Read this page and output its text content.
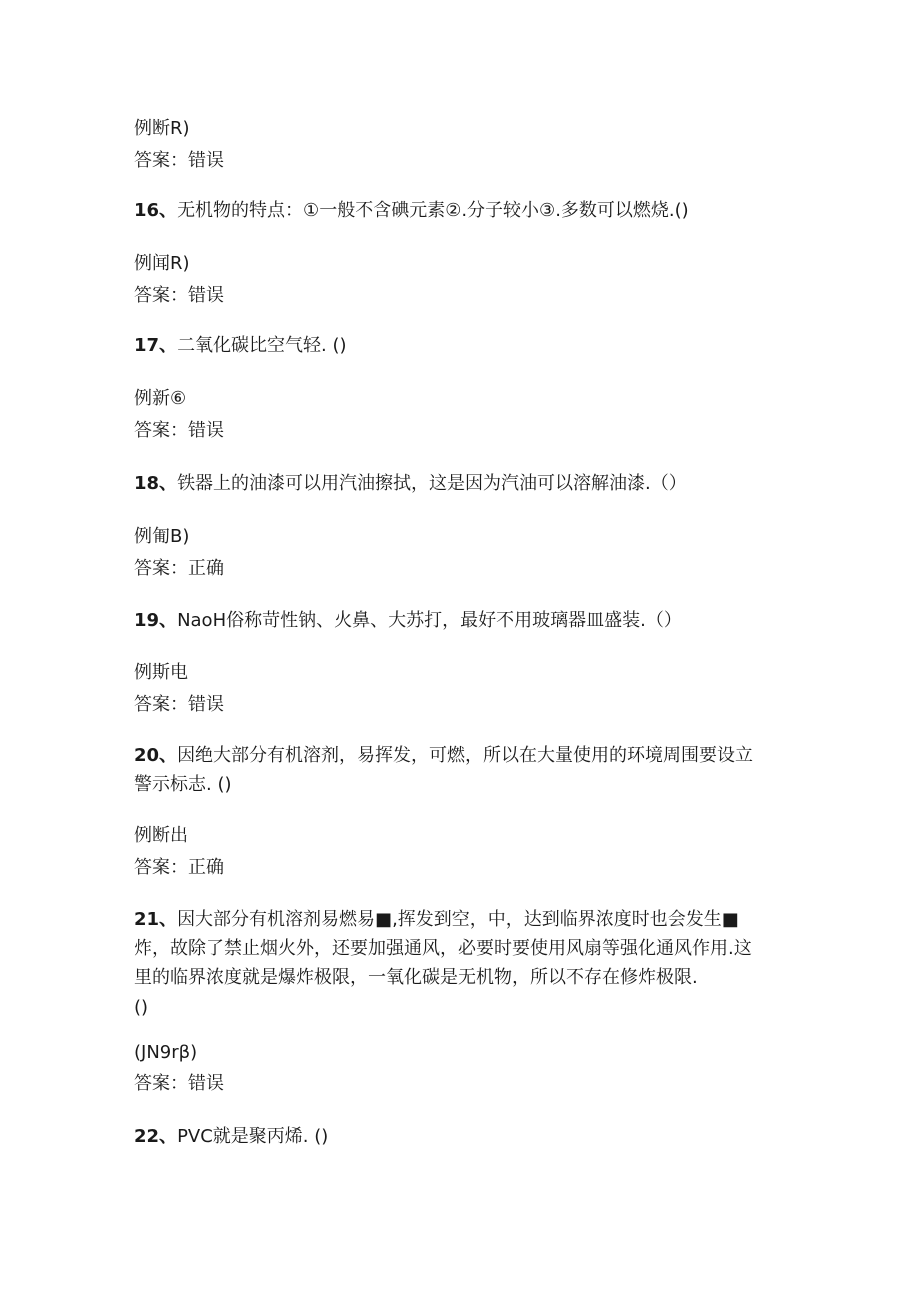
例断R)

答案：错误

16、无机物的特点：①一般不含碘元素②.分子较小③.多数可以燃烧.()

例闻R)

答案：错误

17、二氧化碳比空气轻. ()

例新⑥

答案：错误

18、铁器上的油漆可以用汽油擦拭，这是因为汽油可以溶解油漆.（）

例匍B)

答案：正确

19、NaoH俗称苛性钠、火鼻、大苏打，最好不用玻璃器皿盛装.（）

例斯电

答案：错误

20、因绝大部分有机溶剂，易挥发，可燃，所以在大量使用的环境周围要设立

警示标志. ()

例断出

答案：正确

21、因大部分有机溶剂易燃易■,挥发到空，中，达到临界浓度时也会发生■

炸，故除了禁止烟火外，还要加强通风，必要时要使用风扇等强化通风作用.这

里的临界浓度就是爆炸极限，一氧化碳是无机物，所以不存在修炸极限.

()

(JN9rβ)

答案：错误

22、PVC就是聚丙烯. ()
